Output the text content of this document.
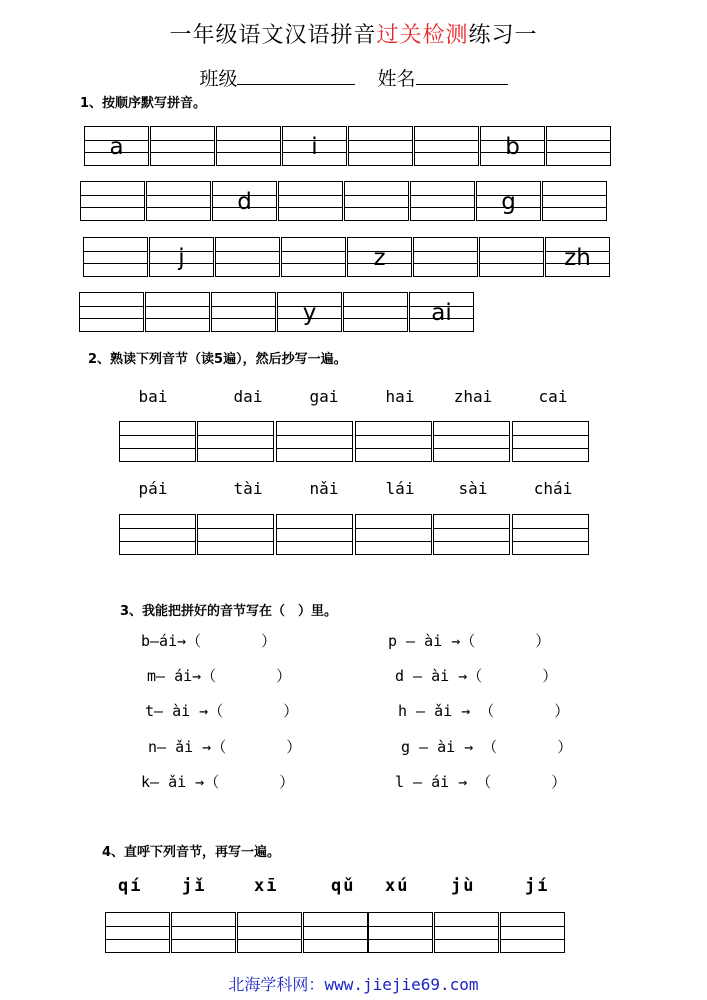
一年级语文汉语拼音过关检测练习一
班级	姓名
1、按顺序默写拼音。
a	i	b
d	g
j	z	zh
y	ai
2、熟读下列音节（读5遍），然后抄写一遍。
bai	dai	gai	hai	zhai	cai
pái	tài	nǎi	lái	sài	chái
3、我能把拼好的音节写在（　）里。
b—ái→（　　　　）
m— ái→（　　　　）
t— ài →（　　　　）
n— ǎi →（　　　　）
k— ǎi →（　　　　）
p — ài →（　　　　）
d — ài →（　　　　）
h — ǎi → （　　　　）
g — ài → （　　　　）
l — ái → （　　　　）
4、直呼下列音节，再写一遍。
qí jǐ	xī	qǔ xú jù	jí
北海学科网：www.jiejie69.com
